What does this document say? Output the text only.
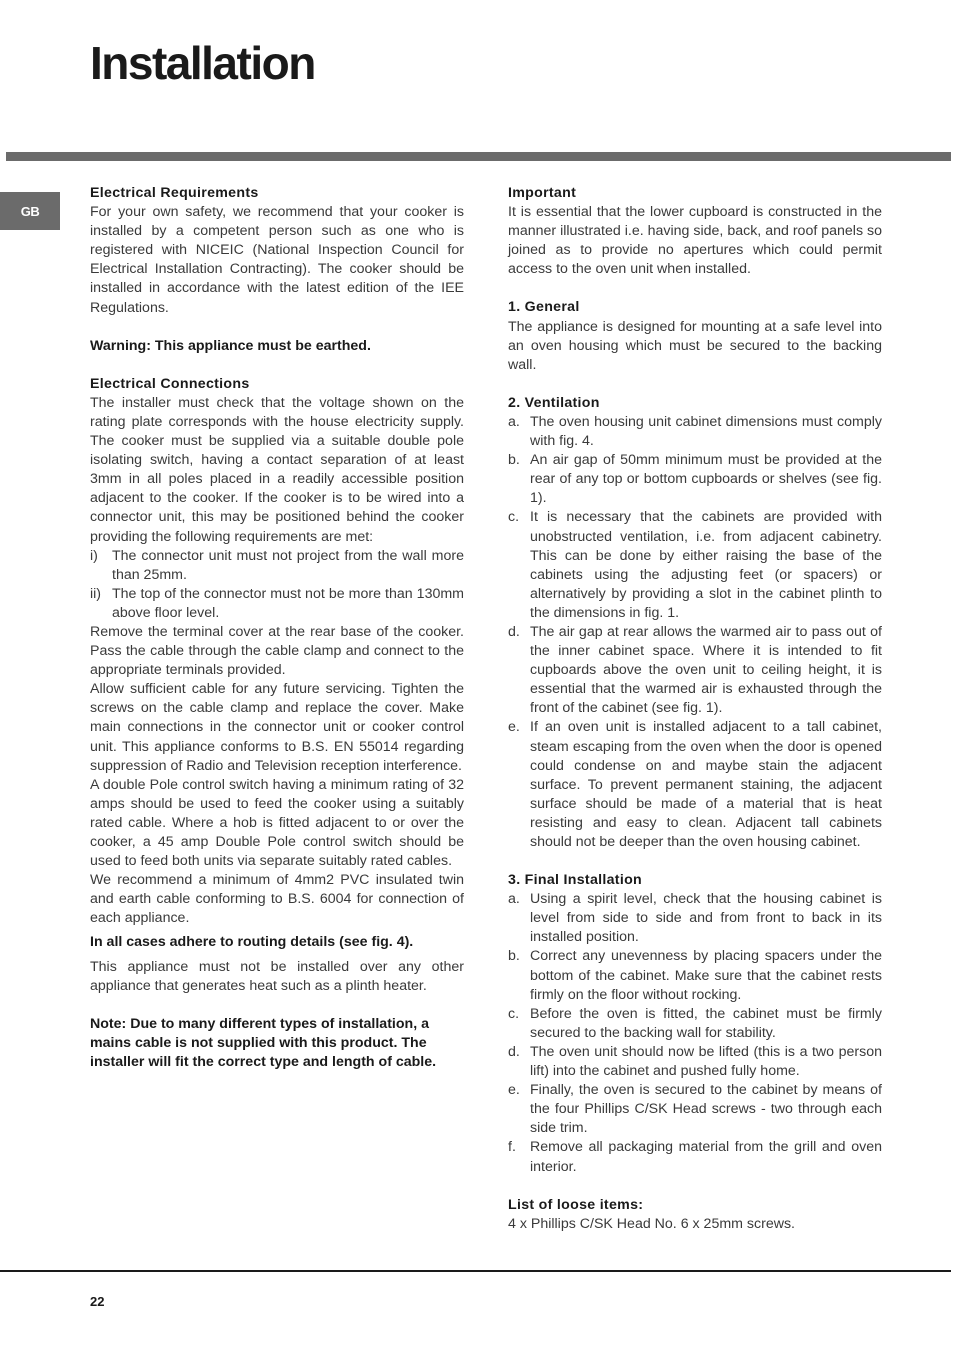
Installation
GB

Electrical Requirements

For your own safety, we recommend that your cooker is installed by a competent person such as one who is registered with NICEIC (National Inspection Council for Electrical Installation Contracting). The cooker should be installed in accordance with the latest edition of the IEE Regulations.

Warning: This appliance must be earthed.

Electrical Connections

The installer must check that the voltage shown on the rating plate corresponds with the house electricity supply. The cooker must be supplied via a suitable double pole isolating switch, having a contact separation of at least 3mm in all poles placed in a readily accessible position adjacent to the cooker. If the cooker is to be wired into a connector unit, this may be positioned behind the cooker providing the following requirements are met:

i) The connector unit must not project from the wall more than 25mm.
ii) The top of the connector must not be more than 130mm above floor level.

Remove the terminal cover at the rear base of the cooker. Pass the cable through the cable clamp and connect to the appropriate terminals provided.

Allow sufficient cable for any future servicing. Tighten the screws on the cable clamp and replace the cover. Make main connections in the connector unit or cooker control unit. This appliance conforms to B.S. EN 55014 regarding suppression of Radio and Television reception interference.

A double Pole control switch having a minimum rating of 32 amps should be used to feed the cooker using a suitably rated cable. Where a hob is fitted adjacent to or over the cooker, a 45 amp Double Pole control switch should be used to feed both units via separate suitably rated cables.

We recommend a minimum of 4mm2 PVC insulated twin and earth cable conforming to B.S. 6004 for connection of each appliance.

In all cases adhere to routing details (see fig. 4).

This appliance must not be installed over any other appliance that generates heat such as a plinth heater.

Note: Due to many different types of installation, a mains cable is not supplied with this product. The installer will fit the correct type and length of cable.

Important

It is essential that the lower cupboard is constructed in the manner illustrated i.e. having side, back, and roof panels so joined as to provide no apertures which could permit access to the oven unit when installed.

1. General

The appliance is designed for mounting at a safe level into an oven housing which must be secured to the backing wall.

2. Ventilation

a. The oven housing unit cabinet dimensions must comply with fig. 4.
b. An air gap of 50mm minimum must be provided at the rear of any top or bottom cupboards or shelves (see fig. 1).
c. It is necessary that the cabinets are provided with unobstructed ventilation, i.e. from adjacent cabinetry. This can be done by either raising the base of the cabinets using the adjusting feet (or spacers) or alternatively by providing a slot in the cabinet plinth to the dimensions in fig. 1.
d. The air gap at rear allows the warmed air to pass out of the inner cabinet space. Where it is intended to fit cupboards above the oven unit to ceiling height, it is essential that the warmed air is exhausted through the front of the cabinet (see fig. 1).
e. If an oven unit is installed adjacent to a tall cabinet, steam escaping from the oven when the door is opened could condense on and maybe stain the adjacent surface. To prevent permanent staining, the adjacent surface should be made of a material that is heat resisting and easy to clean. Adjacent tall cabinets should not be deeper than the oven housing cabinet.

3. Final Installation

a. Using a spirit level, check that the housing cabinet is level from side to side and from front to back in its installed position.
b. Correct any unevenness by placing spacers under the bottom of the cabinet. Make sure that the cabinet rests firmly on the floor without rocking.
c. Before the oven is fitted, the cabinet must be firmly secured to the backing wall for stability.
d. The oven unit should now be lifted (this is a two person lift) into the cabinet and pushed fully home.
e. Finally, the oven is secured to the cabinet by means of the four Phillips C/SK Head screws - two through each side trim.
f. Remove all packaging material from the grill and oven interior.

List of loose items:

4 x Phillips C/SK Head No. 6 x 25mm screws.

22
